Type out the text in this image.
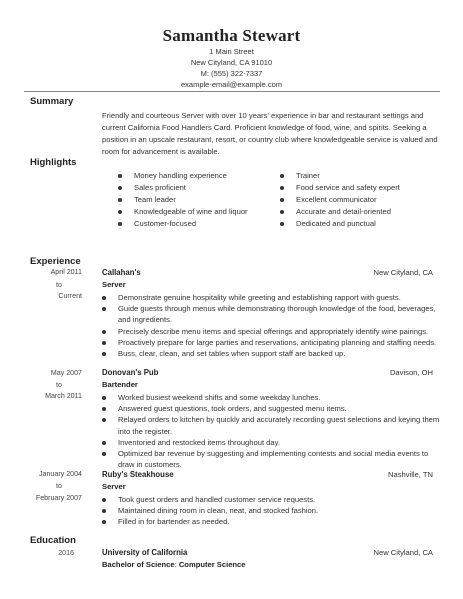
Samantha Stewart
1 Main Street
New Cityland, CA 91010
M: (555) 322-7337
example-email@example.com
Summary
Friendly and courteous Server with over 10 years' experience in bar and restaurant settings and current California Food Handlers Card. Proficient knowledge of food, wine, and spirits. Seeking a position in an upscale restaurant, resort, or country club where knowledgeable service is valued and room for advancement is available.
Highlights
Money handling experience
Sales proficient
Team leader
Knowledgeable of wine and liquor
Customer-focused
Trainer
Food service and safety expert
Excellent communicator
Accurate and detail-oriented
Dedicated and punctual
Experience
April 2011
to
Current
Callahan's	New Cityland, CA
Server
Demonstrate genuine hospitality while greeting and establishing rapport with guests.
Guide guests through menus while demonstrating thorough knowledge of the food, beverages, and ingredients.
Precisely describe menu items and special offerings and appropriately identify wine pairings.
Proactively prepare for large parties and reservations, anticipating planning and staffing needs.
Buss, clear, clean, and set tables when support staff are backed up.
May 2007
to
March 2011
Donovan's Pub	Davison, OH
Bartender
Worked busiest weekend shifts and some weekday lunches.
Answered guest questions, took orders, and suggested menu items.
Relayed orders to kitchen by quickly and accurately recording guest selections and keying them into the register.
Inventoried and restocked items throughout day.
Optimized bar revenue by suggesting and implementing contests and social media events to draw in customers.
January 2004
to
February 2007
Ruby's Steakhouse	Nashville, TN
Server
Took guest orders and handled customer service requests.
Maintained dining room in clean, neat, and stocked fashion.
Filled in for bartender as needed.
Education
2016	University of California	New Cityland, CA
Bachelor of Science: Computer Science
